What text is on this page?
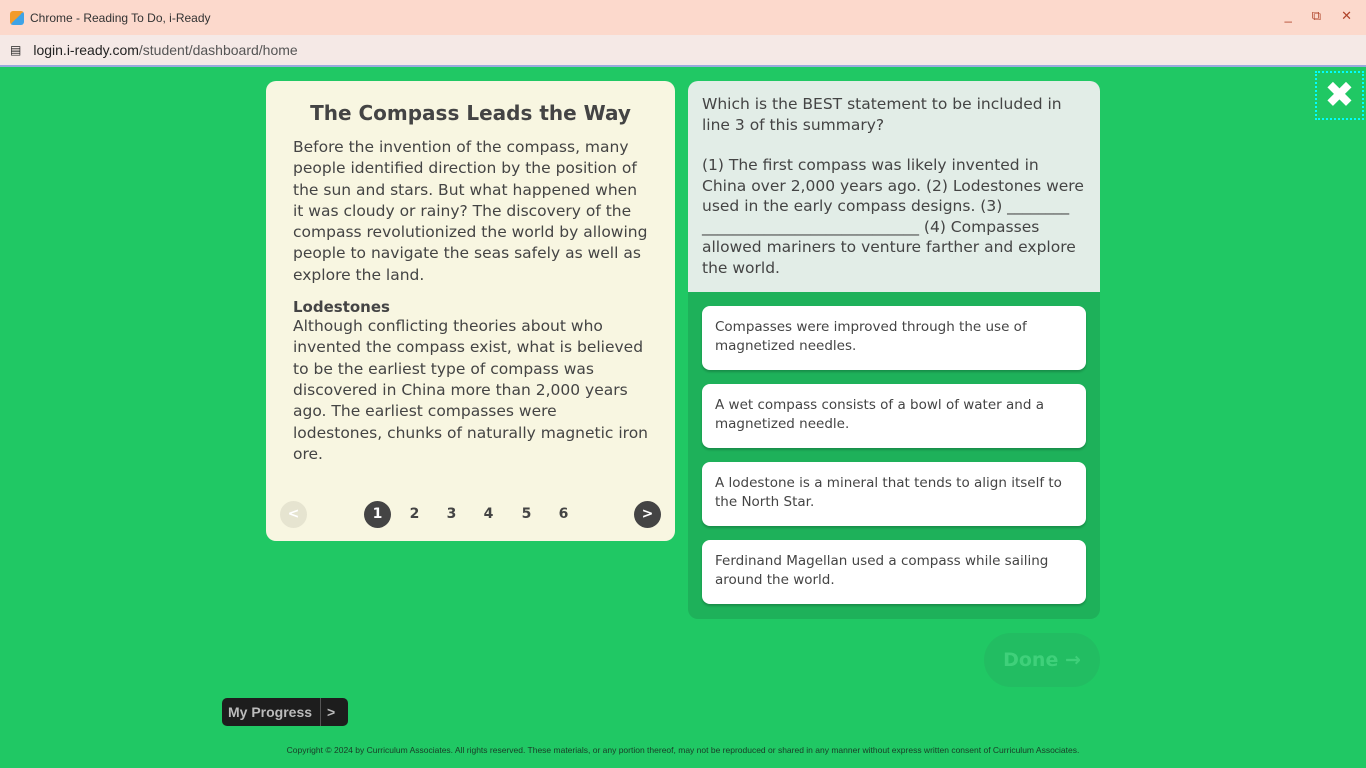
Chrome - Reading To Do, i-Ready	_ ⧉ ✕
▤ login.i-ready.com /student/dashboard/home
The Compass Leads the Way

Before the invention of the compass, many people identified direction by the position of the sun and stars. But what happened when it was cloudy or rainy? The discovery of the compass revolutionized the world by allowing people to navigate the seas safely as well as explore the land.

Lodestones

Although conflicting theories about who invented the compass exist, what is believed to be the earliest type of compass was discovered in China more than 2,000 years ago. The earliest compasses were lodestones, chunks of naturally magnetic iron ore.

<	1	2	3	4	5	6	>
Which is the BEST statement to be included in line 3 of this summary?
(1) The first compass was likely invented in China over 2,000 years ago. (2) Lodestones were used in the early compass designs. (3) ________ ____________________________ (4) Compasses allowed mariners to venture farther and explore the world.
Compasses were improved through the use of magnetized needles.
A wet compass consists of a bowl of water and a magnetized needle.
A lodestone is a mineral that tends to align itself to the North Star.
Ferdinand Magellan used a compass while sailing around the world.
✖
Done →
My Progress	>
Copyright © 2024 by Curriculum Associates. All rights reserved. These materials, or any portion thereof, may not be reproduced or shared in any manner without express written consent of Curriculum Associates.
